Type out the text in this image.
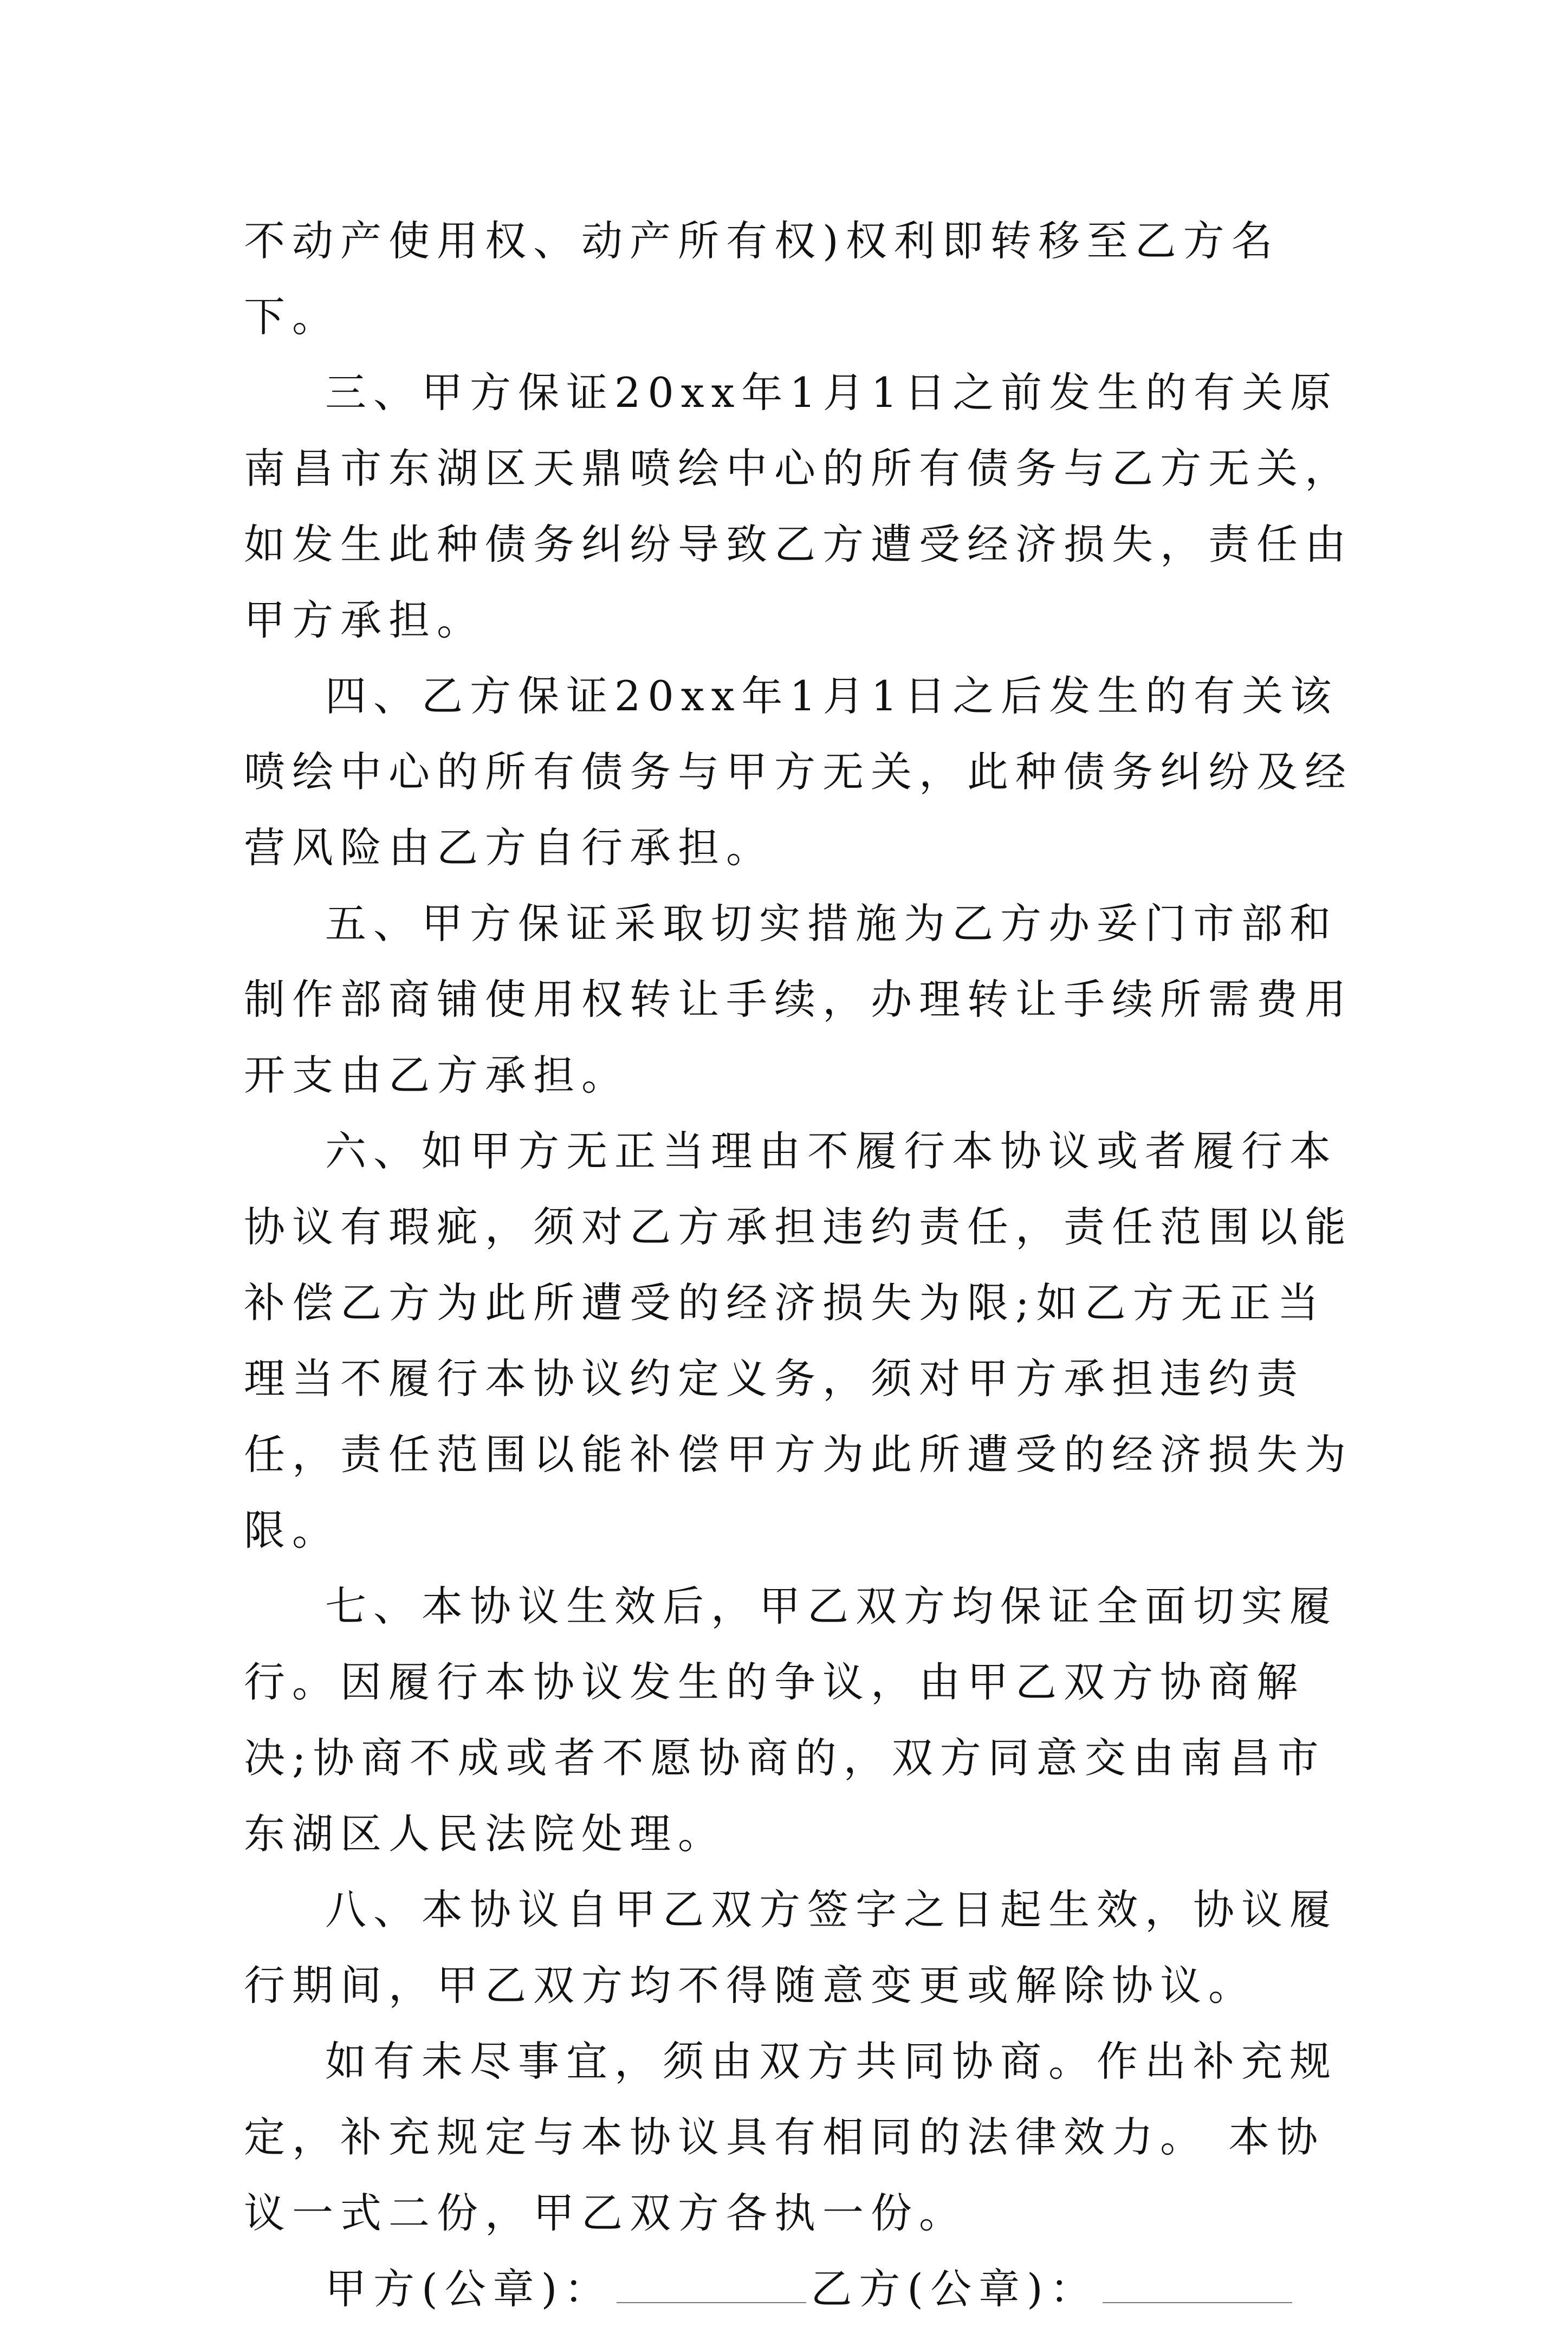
不动产使用权、动产所有权)权利即转移至乙方名下。

三、甲方保证20xx年1月1日之前发生的有关原南昌市东湖区天鼎喷绘中心的所有债务与乙方无关，如发生此种债务纠纷导致乙方遭受经济损失，责任由甲方承担。

四、乙方保证20xx年1月1日之后发生的有关该喷绘中心的所有债务与甲方无关，此种债务纠纷及经营风险由乙方自行承担。

五、甲方保证采取切实措施为乙方办妥门市部和制作部商铺使用权转让手续，办理转让手续所需费用开支由乙方承担。

六、如甲方无正当理由不履行本协议或者履行本协议有瑕疵，须对乙方承担违约责任，责任范围以能补偿乙方为此所遭受的经济损失为限;如乙方无正当理当不履行本协议约定义务，须对甲方承担违约责任，责任范围以能补偿甲方为此所遭受的经济损失为限。

七、本协议生效后，甲乙双方均保证全面切实履行。因履行本协议发生的争议，由甲乙双方协商解决;协商不成或者不愿协商的，双方同意交由南昌市东湖区人民法院处理。

八、本协议自甲乙双方签字之日起生效，协议履行期间，甲乙双方均不得随意变更或解除协议。

如有未尽事宜，须由双方共同协商。作出补充规定，补充规定与本协议具有相同的法律效力。 本协议一式二份，甲乙双方各执一份。

甲方(公章)：	乙方(公章)：
